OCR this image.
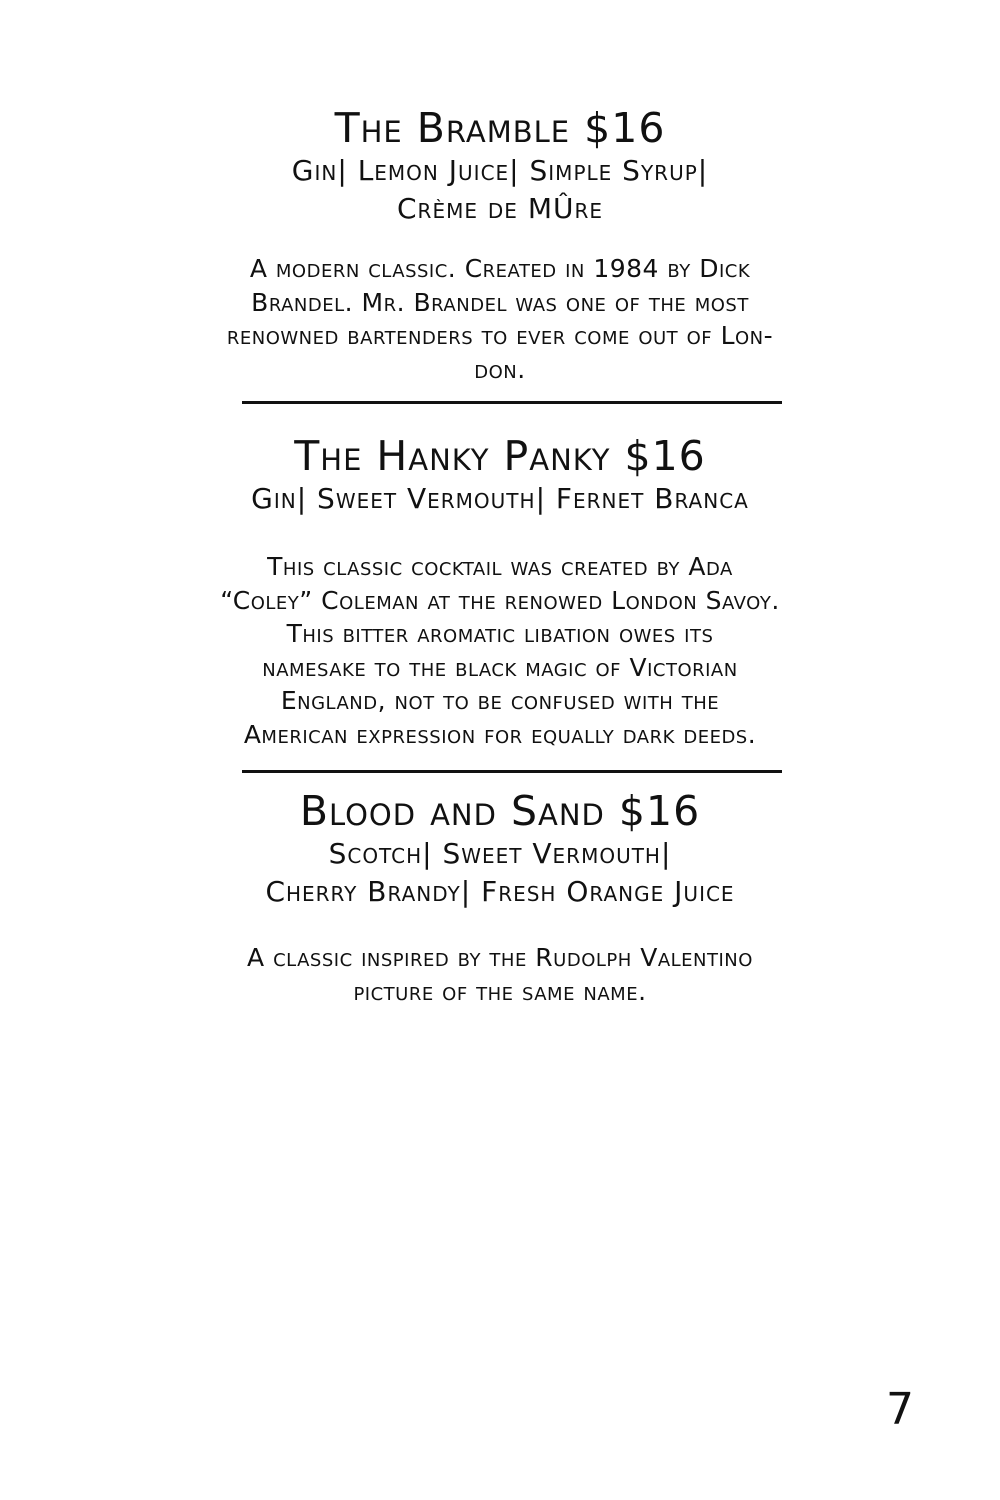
The Bramble $16
Gin| Lemon Juice| Simple Syrup|
Crème de MÛre
A modern classic. Created in 1984 by Dick
Brandel. Mr. Brandel was one of the most
renowned bartenders to ever come out of Lon-
don.
The Hanky Panky $16
Gin| Sweet Vermouth| Fernet Branca
This classic cocktail was created by Ada
“Coley” Coleman at the renowed London Savoy.
This bitter aromatic libation owes its
namesake to the black magic of Victorian
England, not to be confused with the
American expression for equally dark deeds.
Blood and Sand $16
Scotch| Sweet Vermouth|
Cherry Brandy| Fresh Orange Juice
A classic inspired by the Rudolph Valentino
picture of the same name.
7
